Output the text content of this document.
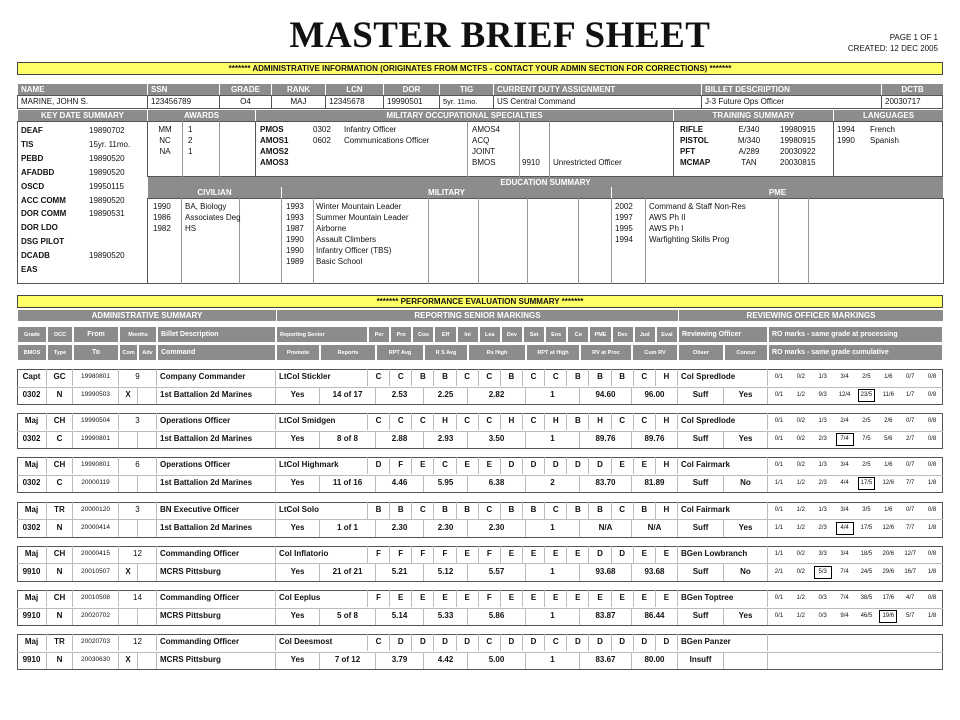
MASTER BRIEF SHEET	PAGE 1 OF 1
CREATED: 12 DEC 2005
******* ADMINISTRATIVE INFORMATION (ORIGINATES FROM MCTFS - CONTACT YOUR ADMIN SECTION FOR CORRECTIONS) *******
NAME	SSN	GRADE	RANK	LCN	DOR	TIG	CURRENT DUTY ASSIGNMENT	BILLET DESCRIPTION	DCTB
MARINE, JOHN S.	123456789	O4	MAJ	12345678	19990501	5yr. 11mo.	US Central Command	J-3 Future Ops Officer	20030717
KEY DATE SUMMARY	AWARDS	MILITARY OCCUPATIONAL SPECIALTIES	TRAINING SUMMARY	LANGUAGES
DEAF	19890702
TIS	15yr. 11mo.
PEBD	19890520
AFADBD	19890520
OSCD	19950115
ACC COMM	19890520
DOR COMM	19890531
DOR LDO
DSG PILOT
DCADB	19890520
EAS
MM	1
NC	2
NA	1
PMOS	0302	Infantry Officer	AMOS4
AMOS1	0602	Communications Officer	ACQ
AMOS2	JOINT
AMOS3	BMOS	9910	Unrestricted Officer
RIFLE	E/340	19980915
PISTOL	M/340	19980915
PFT	A/289	20030922
MCMAP	TAN	20030815
1994	French
1990	Spanish
EDUCATION SUMMARY
CIVILIAN	MILITARY	PME
1990	BA, Biology
1986	Associates Deg
1982	HS
1993	Winter Mountain Leader
1993	Summer Mountain Leader
1987	Airborne
1990	Assault Climbers
1990	Infantry Officer (TBS)
1989	Basic School
2002	Command & Staff Non-Res
1997	AWS Ph II
1995	AWS Ph I
1994	Warfighting Skills Prog
******* PERFORMANCE EVALUATION SUMMARY *******
ADMINISTRATIVE SUMMARY	REPORTING SENIOR MARKINGS	REVIEWING OFFICER MARKINGS
Grade	OCC	From	Months	Billet Description	Reporting Senior	Per	Pro	Cou	Eff	Ini	Lea	Dev	Set	Ens	Co	PME	Dec	Jud	Eval	Reviewing Officer	RO marks - same grade at processing
BMOS	Type	To	Com	Adv	Command	Promote	Reports	RPT Avg	R S Avg	Rs High	RPT at High	RV at Proc	Cum RV	Obser	Concur	RO marks - same grade cumulative
Capt	GC	19980801	9	Company Commander	LtCol Stickler	C	C	B	B	C	C	B	C	C	B	B	B	C	H	Col Spredlode	0/1	0/2	1/3	3/4	2/5	1/6	0/7	0/8
0302	N	19990503	X	1st Battalion 2d Marines	Yes	14 of 17	2.53	2.25	2.82	1	94.60	96.00	Suff	Yes	0/1	1/2	9/3	12/4	23/5	11/6	1/7	0/8
Maj	CH	19990504	3	Operations Officer	LtCol Smidgen	C	C	C	H	C	C	H	C	H	B	H	C	C	H	Col Spredlode	0/1	0/2	1/3	2/4	2/5	2/6	0/7	0/8
0302	C	19990801	1st Battalion 2d Marines	Yes	8 of 8	2.88	2.93	3.50	1	89.76	89.76	Suff	Yes	0/1	0/2	2/3	7/4	7/5	5/6	2/7	0/8
Maj	CH	19990801	6	Operations Officer	LtCol Highmark	D	F	E	C	E	E	D	D	D	D	D	E	E	H	Col Fairmark	0/1	0/2	1/3	3/4	2/5	1/6	0/7	0/8
0302	C	20000119	1st Battalion 2d Marines	Yes	11 of 16	4.46	5.95	6.38	2	83.70	81.89	Suff	No	1/1	1/2	2/3	4/4	17/5	12/6	7/7	1/8
Maj	TR	20000120	3	BN Executive Officer	LtCol Solo	B	B	C	B	B	C	B	B	C	B	B	C	B	H	Col Fairmark	0/1	1/2	1/3	3/4	3/5	1/6	0/7	0/8
0302	N	20000414	1st Battalion 2d Marines	Yes	1 of 1	2.30	2.30	2.30	1	N/A	N/A	Suff	Yes	1/1	1/2	2/3	4/4	17/5	12/6	7/7	1/8
Maj	CH	20000415	12	Commanding Officer	Col Inflatorio	F	F	F	F	E	F	E	E	E	E	D	D	E	E	BGen Lowbranch	1/1	0/2	3/3	3/4	18/5	20/6	12/7	0/8
9910	N	20010507	X	MCRS Pittsburg	Yes	21 of 21	5.21	5.12	5.57	1	93.68	93.68	Suff	No	2/1	0/2	5/3	7/4	24/5	29/6	16/7	1/8
Maj	CH	20010508	14	Commanding Officer	Col Eeplus	F	E	E	E	E	F	E	E	E	E	E	E	E	E	BGen Toptree	0/1	1/2	0/3	7/4	38/5	17/6	4/7	0/8
9910	N	20020702	MCRS Pittsburg	Yes	5 of 8	5.14	5.33	5.86	1	83.87	86.44	Suff	Yes	0/1	1/2	0/3	9/4	46/5	19/6	5/7	1/8
Maj	TR	20020703	12	Commanding Officer	Col Deesmost	C	D	D	D	D	C	D	D	C	D	D	D	D	D	BGen Panzer
9910	N	20030630	X	MCRS Pittsburg	Yes	7 of 12	3.79	4.42	5.00	1	83.67	80.00	Insuff
